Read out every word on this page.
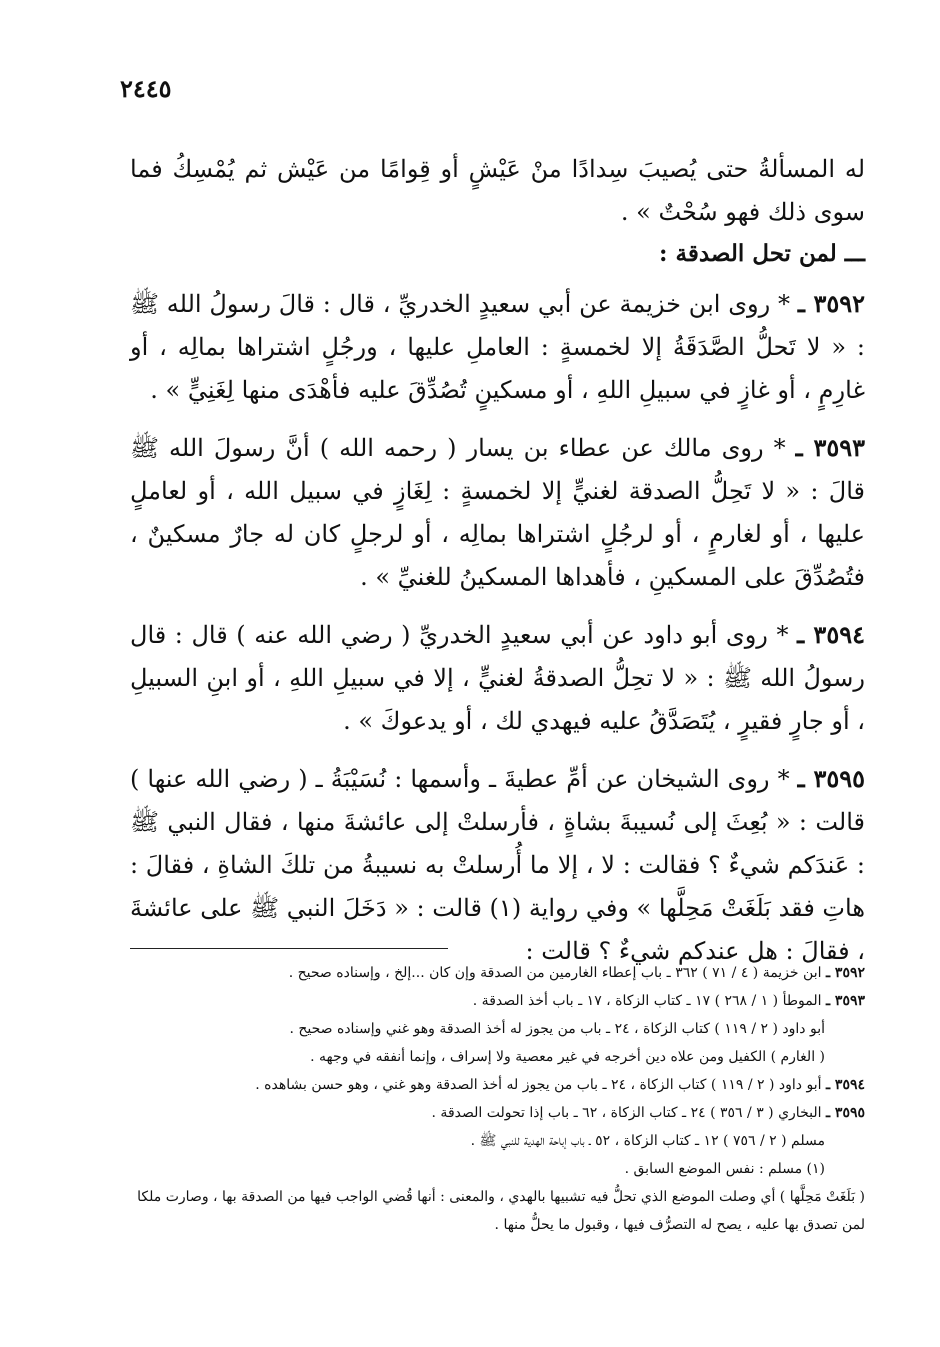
٢٤٤٥

له المسألةُ حتى يُصيبَ سِدادًا منْ عَيْشٍ أو قِوامًا من عَيْش ثم يُمْسِكُ فما سوى ذلك فهو سُحْتٌ » .

ـــ لمن تحل الصدقة :

٣٥٩٢ ـ * روى ابن خزيمة عن أبي سعيدٍ الخدريِّ ، قال : قالَ رسولُ الله ﷺ : « لا تَحلُّ الصَّدَقَةُ إلا لخمسةٍ : العاملِ عليها ، ورجُلٍ اشتراها بمالِه ، أو غارِمٍ ، أو غازٍ في سبيلِ اللهِ ، أو مسكينٍ تُصُدِّقَ عليه فأهْدَى منها لِغَنِيٍّ » .

٣٥٩٣ ـ * روى مالك عن عطاء بن يسار ( رحمه الله ) أنَّ رسولَ الله ﷺ قالَ : « لا تَحِلُّ الصدقة لغنيٍّ إلا لخمسةٍ : لِغَازٍ في سبيل الله ، أو لعاملٍ عليها ، أو لغارمٍ ، أو لرجُلٍ اشتراها بمالِه ، أو لرجلٍ كان له جارٌ مسكينٌ ، فتُصُدِّقَ على المسكينِ ، فأهداها المسكينُ للغنيِّ » .

٣٥٩٤ ـ * روى أبو داود عن أبي سعيدٍ الخدريِّ ( رضي الله عنه ) قال : قال رسولُ الله ﷺ : « لا تحِلُّ الصدقةُ لغنيٍّ ، إلا في سبيلِ اللهِ ، أو ابنِ السبيلِ ، أو جارٍ فقيرٍ ، يُتَصَدَّقُ عليه فيهدي لك ، أو يدعوكَ » .

٣٥٩٥ ـ * روى الشيخان عن أمِّ عطيةَ ـ وأسمها : نُسَيْبَةُ ـ ( رضي الله عنها ) قالت : « بُعِثَ إلى نُسيبةَ بشاةٍ ، فأرسلتْ إلى عائشةَ منها ، فقال النبي ﷺ : عَندَكم شيءٌ ؟ فقالت : لا ، إلا ما أُرسلتْ به نسيبةُ من تلكَ الشاةِ ، فقالَ : هاتِ فقد بَلَغَتْ مَحِلَّها » وفي رواية (١) قالت : « دَخَلَ النبي ﷺ على عائشةَ ، فقالَ : هل عندكم شيءٌ ؟ قالت :

٣٥٩٢ ـ ابن خزيمة ( ٤ / ٧١ ) ٣٦٢ ـ باب إعطاء الغارمين من الصدقة وإن كان ...إلخ ، وإسناده صحيح .

٣٥٩٣ ـ الموطأ ( ١ / ٢٦٨ ) ١٧ ـ كتاب الزكاة ، ١٧ ـ باب أخذ الصدقة .

أبو داود ( ٢ / ١١٩ ) كتاب الزكاة ، ٢٤ ـ باب من يجوز له أخذ الصدقة وهو غني وإسناده صحيح .

( الغارم ) الكفيل ومن علاه دين أخرجه في غير معصية ولا إسراف ، وإنما أنفقه في وجهه .

٣٥٩٤ ـ أبو داود ( ٢ / ١١٩ ) كتاب الزكاة ، ٢٤ ـ باب من يجوز له أخذ الصدقة وهو غني ، وهو حسن بشاهده .

٣٥٩٥ ـ البخاري ( ٣ / ٣٥٦ ) ٢٤ ـ كتاب الزكاة ، ٦٢ ـ باب إذا تحولت الصدقة .

مسلم ( ٢ / ٧٥٦ ) ١٢ ـ كتاب الزكاة ، ٥٢ ـ باب إباحة الهدية للنبي ﷺ .

(١) مسلم : نفس الموضع السابق .

( بَلَغَتْ مَحِلَّها ) أي وصلت الموضع الذي تحلُّ فيه تشبيها بالهدي ، والمعنى : أنها قُضي الواجب فيها من الصدقة بها ، وصارت ملكا لمن تصدق بها عليه ، يصح له التصرُّف فيها ، وقبول ما يحلُّ منها .
